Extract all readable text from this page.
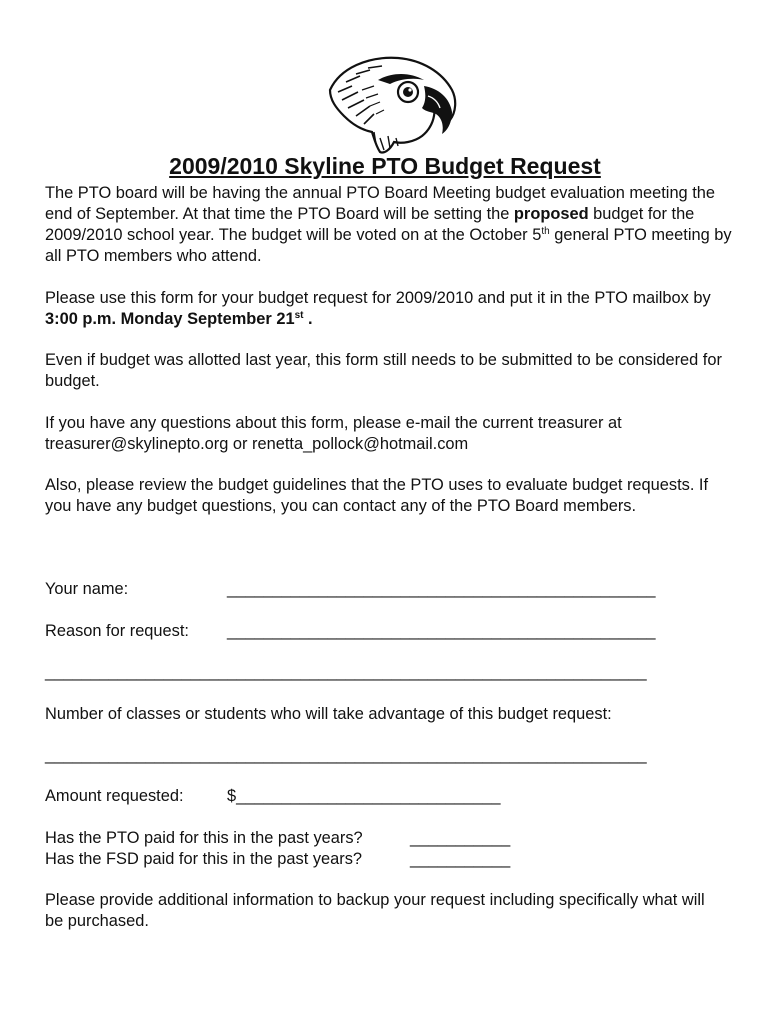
2009/2010 Skyline PTO Budget Request
The PTO board will be having the annual PTO Board Meeting budget evaluation meeting the end of September. At that time the PTO Board will be setting the proposed budget for the 2009/2010 school year. The budget will be voted on at the October 5th general PTO meeting by all PTO members who attend.
Please use this form for your budget request for 2009/2010 and put it in the PTO mailbox by 3:00 p.m. Monday September 21st .
Even if budget was allotted last year, this form still needs to be submitted to be considered for budget.
If you have any questions about this form, please e-mail the current treasurer at treasurer@skylinepto.org or renetta_pollock@hotmail.com
Also, please review the budget guidelines that the PTO uses to evaluate budget requests. If you have any budget questions, you can contact any of the PTO Board members.
Your name:	_______________________________________________
Reason for request: _______________________________________________
__________________________________________________________________
Number of classes or students who will take advantage of this budget request:
__________________________________________________________________
Amount requested:	$_____________________________
Has the PTO paid for this in the past years?	___________
Has the FSD paid for this in the past years?	___________
Please provide additional information to backup your request including specifically what will be purchased.
